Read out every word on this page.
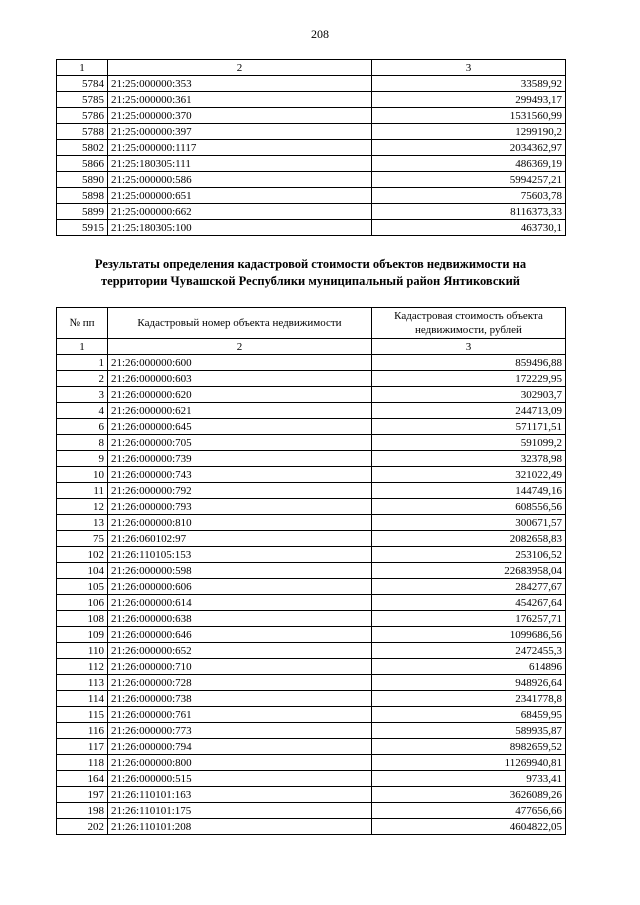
208
1	2	3
5784	21:25:000000:353	33589,92
5785	21:25:000000:361	299493,17
5786	21:25:000000:370	1531560,99
5788	21:25:000000:397	1299190,2
5802	21:25:000000:1117	2034362,97
5866	21:25:180305:111	486369,19
5890	21:25:000000:586	5994257,21
5898	21:25:000000:651	75603,78
5899	21:25:000000:662	8116373,33
5915	21:25:180305:100	463730,1
Результаты определения кадастровой стоимости объектов недвижимости на
территории Чувашской Республики муниципальный район Янтиковский
№ пп	Кадастровый номер объекта недвижимости	Кадастровая стоимость объекта недвижимости, рублей
1	2	3
1	21:26:000000:600	859496,88
2	21:26:000000:603	172229,95
3	21:26:000000:620	302903,7
4	21:26:000000:621	244713,09
6	21:26:000000:645	571171,51
8	21:26:000000:705	591099,2
9	21:26:000000:739	32378,98
10	21:26:000000:743	321022,49
11	21:26:000000:792	144749,16
12	21:26:000000:793	608556,56
13	21:26:000000:810	300671,57
75	21:26:060102:97	2082658,83
102	21:26:110105:153	253106,52
104	21:26:000000:598	22683958,04
105	21:26:000000:606	284277,67
106	21:26:000000:614	454267,64
108	21:26:000000:638	176257,71
109	21:26:000000:646	1099686,56
110	21:26:000000:652	2472455,3
112	21:26:000000:710	614896
113	21:26:000000:728	948926,64
114	21:26:000000:738	2341778,8
115	21:26:000000:761	68459,95
116	21:26:000000:773	589935,87
117	21:26:000000:794	8982659,52
118	21:26:000000:800	11269940,81
164	21:26:000000:515	9733,41
197	21:26:110101:163	3626089,26
198	21:26:110101:175	477656,66
202	21:26:110101:208	4604822,05
